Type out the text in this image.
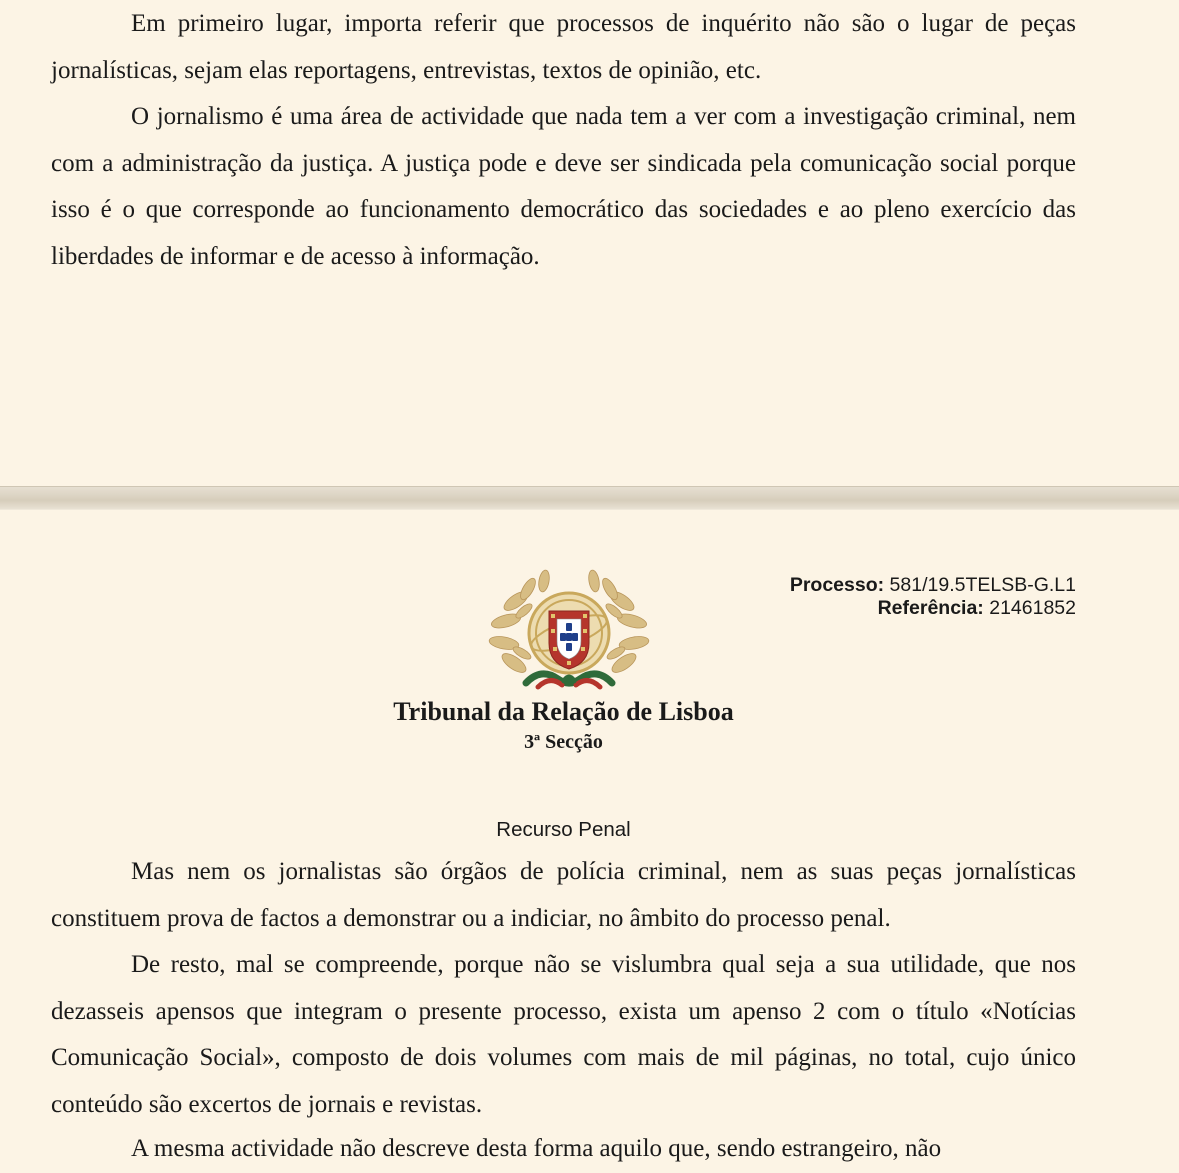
Em primeiro lugar, importa referir que processos de inquérito não são o lugar de peças jornalísticas, sejam elas reportagens, entrevistas, textos de opinião, etc.

O jornalismo é uma área de actividade que nada tem a ver com a investigação criminal, nem com a administração da justiça. A justiça pode e deve ser sindicada pela comunicação social porque isso é o que corresponde ao funcionamento democrático das sociedades e ao pleno exercício das liberdades de informar e de acesso à informação.

Processo: 581/19.5TELSB-G.L1
Referência: 21461852
Tribunal da Relação de Lisboa
3ª Secção
Recurso Penal

Mas nem os jornalistas são órgãos de polícia criminal, nem as suas peças jornalísticas constituem prova de factos a demonstrar ou a indiciar, no âmbito do processo penal.

De resto, mal se compreende, porque não se vislumbra qual seja a sua utilidade, que nos dezasseis apensos que integram o presente processo, exista um apenso 2 com o título «Notícias Comunicação Social», composto de dois volumes com mais de mil páginas, no total, cujo único conteúdo são excertos de jornais e revistas.

A mesma actividade não descreve desta forma aquilo que, sendo estrangeiro, não
